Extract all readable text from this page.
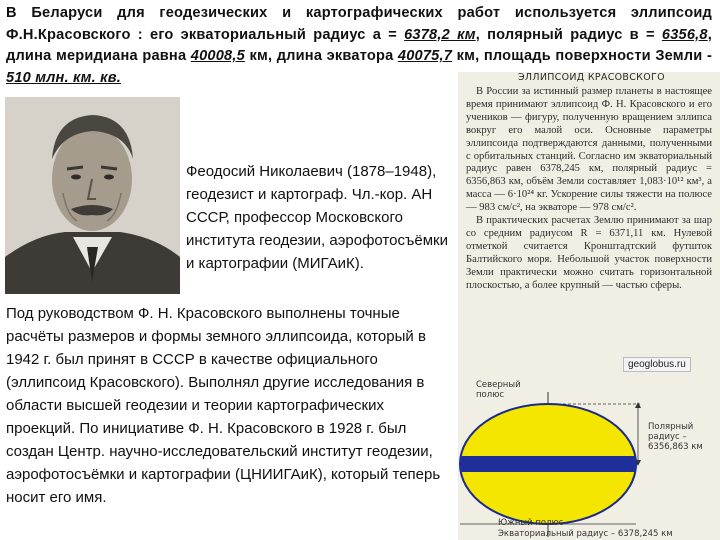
В Беларуси для геодезических и картографических работ используется эллипсоид Ф.Н.Красовского : его экваториальный радиус а = 6378,2 км, полярный радиус в = 6356,8, длина меридиана равна 40008,5 км, длина экватора 40075,7 км, площадь поверхности Земли - 510 млн. км. кв.
Феодосий Николаевич (1878–1948), геодезист и картограф. Чл.-кор. АН СССР, профессор Московского института геодезии, аэрофотосъёмки и картографии (МИГАиК).
Под руководством Ф. Н. Красовского выполнены точные расчёты размеров и формы земного эллипсоида, который в 1942 г. был принят в СССР в качестве официального (эллипсоид Красовского). Выполнял другие исследования в области высшей геодезии и теории картографических проекций. По инициативе Ф. Н. Красовского в 1928 г. был создан Центр. научно-исследовательский институт геодезии, аэрофотосъёмки и картографии (ЦНИИГАиК), который теперь носит его имя.
ЭЛЛИПСОИД КРАСОВСКОГО

В России за истинный размер планеты в настоящее время принимают эллипсоид Ф. Н. Красовского и его учеников — фигуру, полученную вращением эллипса вокруг его малой оси. Основные параметры эллипсоида подтверждаются данными, полученными с орбитальных станций. Согласно им экваториальный радиус равен 6378,245 км, полярный радиус = 6356,863 км, объём Земли составляет 1,083·10¹² км³, а масса — 6·10²⁴ кг. Ускорение силы тяжести на полюсе — 983 см/с², на экваторе — 978 см/с².

В практических расчетах Землю принимают за шар со средним радиусом R = 6371,11 км. Нулевой отметкой считается Кронштадтский футшток Балтийского моря. Небольшой участок поверхности Земли практически можно считать горизонтальной плоскостью, а более крупный — частью сферы.

geoglobus.ru
Северный полюс
Южный полюс
Полярный радиус – 6356,863 км
Экваториальный радиус – 6378,245 км
